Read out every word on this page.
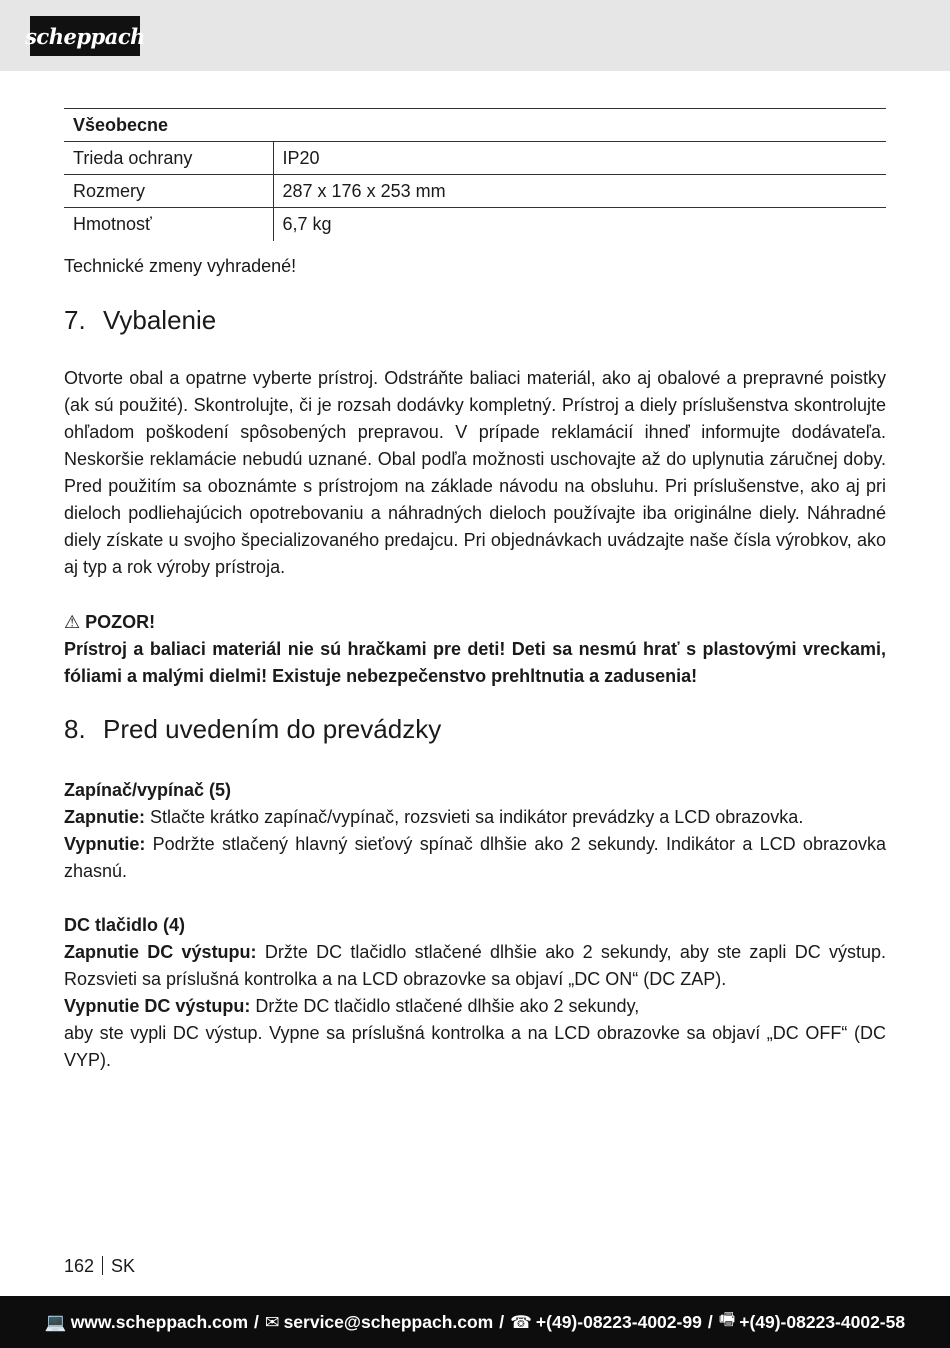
scheppach
Všeobecne	
Trieda ochrany	IP20
Rozmery	287 x 176 x 253 mm
Hmotnosť	6,7 kg

Technické zmeny vyhradené!

7. Vybalenie

Otvorte obal a opatrne vyberte prístroj. Odstráňte baliaci materiál, ako aj obalové a prepravné poistky (ak sú použité). Skontrolujte, či je rozsah dodávky kompletný. Prístroj a diely príslušenstva skontrolujte ohľadom poškodení spôsobených prepravou. V prípade reklamácií ihneď informujte dodávateľa. Neskoršie reklamácie nebudú uznané. Obal podľa možnosti uschovajte až do uplynutia záručnej doby. Pred použitím sa oboznámte s prístrojom na základe návodu na obsluhu. Pri príslušenstve, ako aj pri dieloch podliehajúcich opotrebovaniu a náhradných dieloch používajte iba originálne diely. Náhradné diely získate u svojho špecializovaného predajcu. Pri objednávkach uvádzajte naše čísla výrobkov, ako aj typ a rok výroby prístroja.

⚠ POZOR!

Prístroj a baliaci materiál nie sú hračkami pre deti! Deti sa nesmú hrať s plastovými vreckami, fóliami a malými dielmi! Existuje nebezpečenstvo prehltnutia a zadusenia!

8. Pred uvedením do prevádzky

Zapínač/vypínač (5)

Zapnutie: Stlačte krátko zapínač/vypínač, rozsvieti sa indikátor prevádzky a LCD obrazovka.

Vypnutie: Podržte stlačený hlavný sieťový spínač dlhšie ako 2 sekundy. Indikátor a LCD obrazovka zhasnú.

DC tlačidlo (4)

Zapnutie DC výstupu: Držte DC tlačidlo stlačené dlhšie ako 2 sekundy, aby ste zapli DC výstup. Rozsvieti sa príslušná kontrolka a na LCD obrazovke sa objaví „DC ON“ (DC ZAP).

Vypnutie DC výstupu: Držte DC tlačidlo stlačené dlhšie ako 2 sekundy,

aby ste vypli DC výstup. Vypne sa príslušná kontrolka a na LCD obrazovke sa objaví „DC OFF“ (DC VYP).

162 SK
💻 www.scheppach.com / ✉ service@scheppach.com / ☎ +(49)-08223-4002-99 / 🖷 +(49)-08223-4002-58
